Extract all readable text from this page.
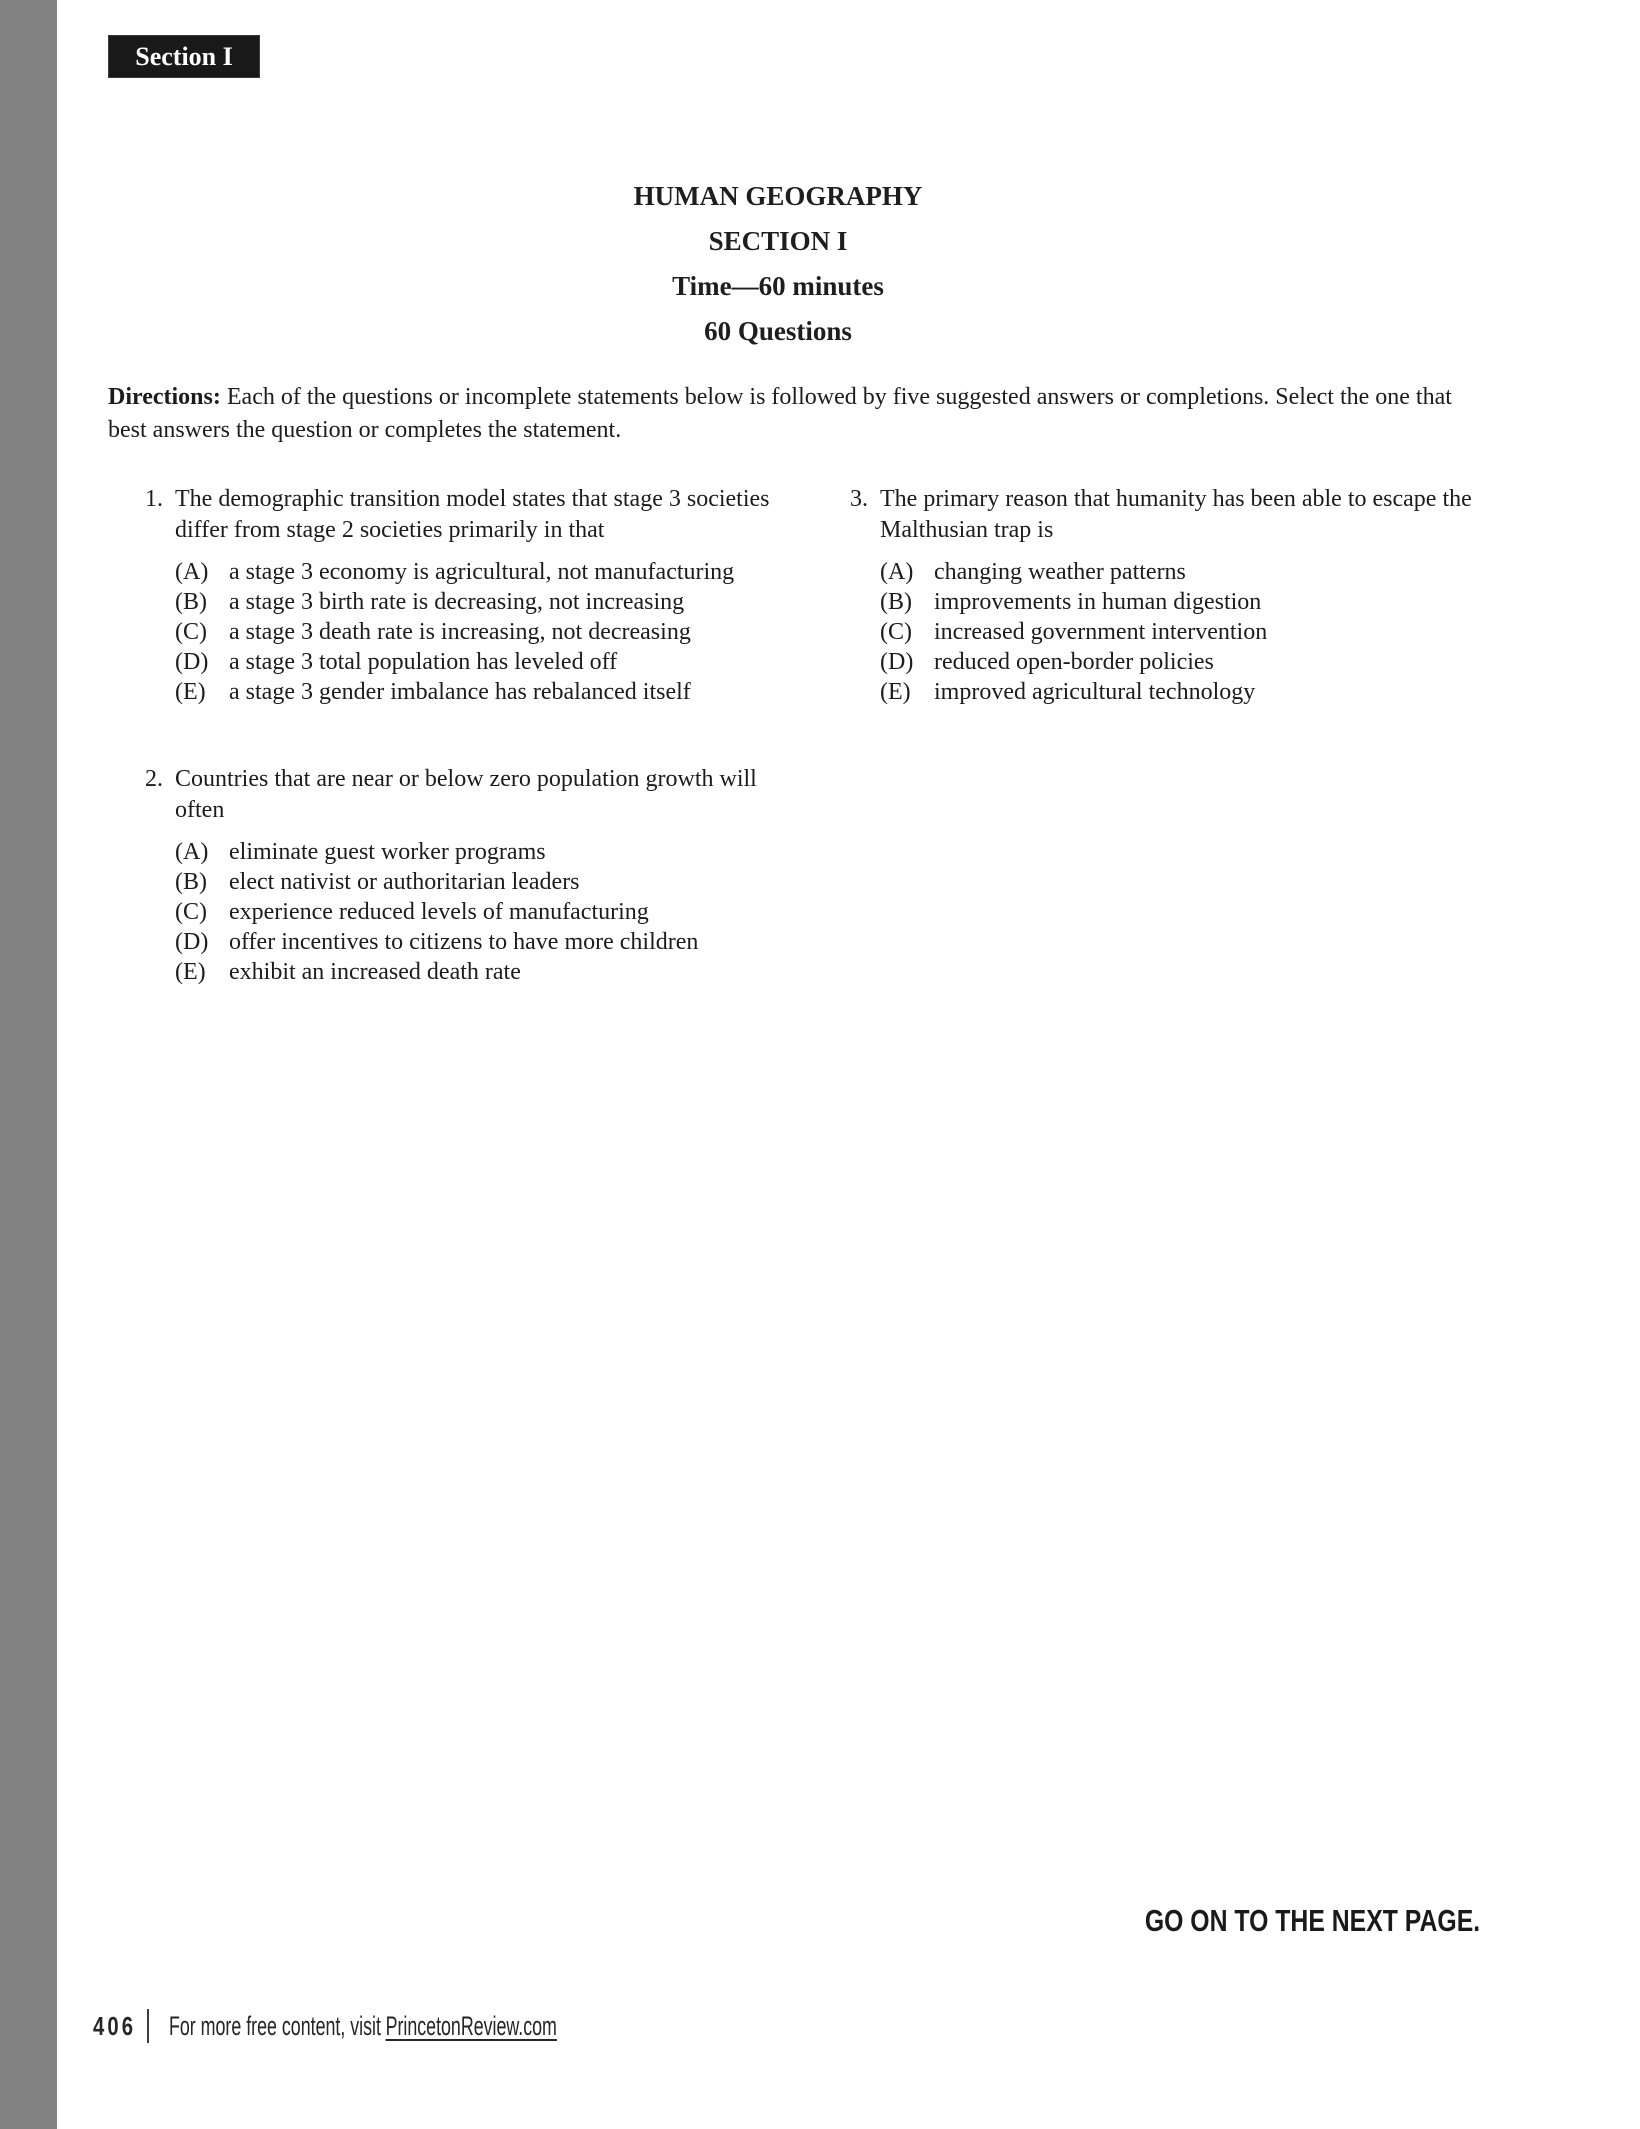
Section I
HUMAN GEOGRAPHY
SECTION I
Time—60 minutes
60 Questions

Directions: Each of the questions or incomplete statements below is followed by five suggested answers or completions. Select the one that best answers the question or completes the statement.

1. The demographic transition model states that stage 3 societies differ from stage 2 societies primarily in that
(A) a stage 3 economy is agricultural, not manufacturing
(B) a stage 3 birth rate is decreasing, not increasing
(C) a stage 3 death rate is increasing, not decreasing
(D) a stage 3 total population has leveled off
(E) a stage 3 gender imbalance has rebalanced itself
2. Countries that are near or below zero population growth will often
(A) eliminate guest worker programs
(B) elect nativist or authoritarian leaders
(C) experience reduced levels of manufacturing
(D) offer incentives to citizens to have more children
(E) exhibit an increased death rate
3. The primary reason that humanity has been able to escape the Malthusian trap is
(A) changing weather patterns
(B) improvements in human digestion
(C) increased government intervention
(D) reduced open-border policies
(E) improved agricultural technology
GO ON TO THE NEXT PAGE.
406 For more free content, visit PrincetonReview.com
